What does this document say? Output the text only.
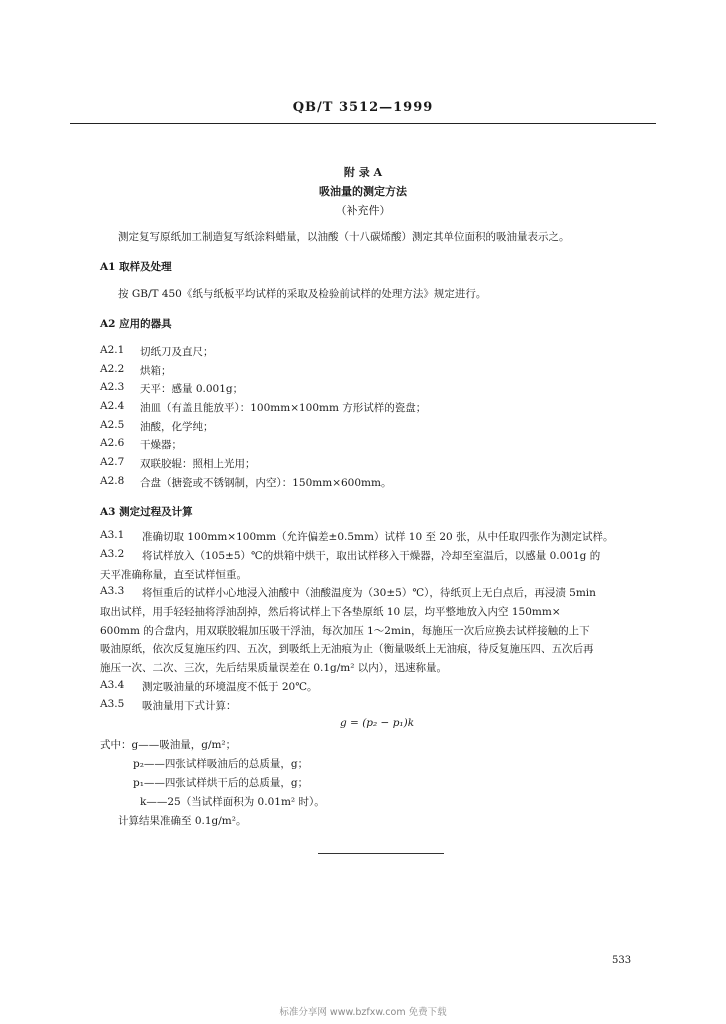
QB/T 3512—1999
附 录 A
吸油量的测定方法
（补充件）
测定复写原纸加工制造复写纸涂料蜡量，以油酸（十八碳烯酸）测定其单位面积的吸油量表示之。
A1 取样及处理
按 GB/T 450《纸与纸板平均试样的采取及检验前试样的处理方法》规定进行。
A2 应用的器具
A2.1 切纸刀及直尺；
A2.2 烘箱；
A2.3 天平：感量 0.001g；
A2.4 油皿（有盖且能放平）：100mm×100mm 方形试样的瓷盘；
A2.5 油酸，化学纯；
A2.6 干燥器；
A2.7 双联胶辊：照相上光用；
A2.8 合盘（搪瓷或不锈钢制，内空）：150mm×600mm。
A3 测定过程及计算
A3.1 准确切取 100mm×100mm（允许偏差±0.5mm）试样 10 至 20 张，从中任取四张作为测定试样。
A3.2 将试样放入（105±5）℃的烘箱中烘干，取出试样移入干燥器，冷却至室温后，以感量 0.001g 的
天平准确称量，直至试样恒重。
A3.3 将恒重后的试样小心地浸入油酸中（油酸温度为（30±5）℃），待纸页上无白点后，再浸渍 5min
取出试样，用手轻轻抽将浮油刮掉，然后将试样上下各垫原纸 10 层，均平整地放入内空 150mm×
600mm 的合盘内，用双联胶辊加压吸干浮油，每次加压 1～2min，每施压一次后应换去试样接触的上下
吸油原纸，依次反复施压约四、五次，到吸纸上无油痕为止（衡量吸纸上无油痕，待反复施压四、五次后再
施压一次、二次、三次，先后结果质量误差在 0.1g/m² 以内），迅速称量。
A3.4 测定吸油量的环境温度不低于 20℃。
A3.5 吸油量用下式计算：
g = (p₂ − p₁)k
式中：g——吸油量，g/m²；
p₂——四张试样吸油后的总质量，g；
p₁——四张试样烘干后的总质量，g；
k——25（当试样面积为 0.01m² 时）。
计算结果准确至 0.1g/m²。
533
标准分享网 www.bzfxw.com 免费下载
